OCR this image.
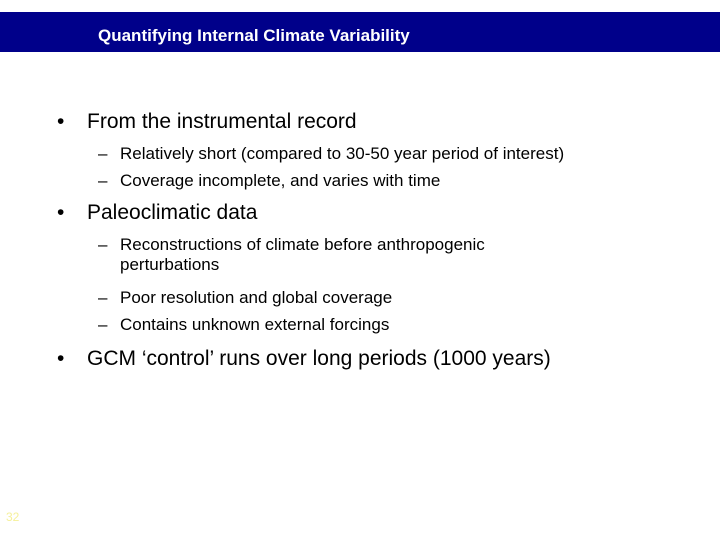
Quantifying Internal Climate Variability
• From the instrumental record
– Relatively short (compared to 30-50 year period of interest)
– Coverage incomplete, and varies with time
• Paleoclimatic data
– Reconstructions of climate before anthropogenic
perturbations
– Poor resolution and global coverage
– Contains unknown external forcings
• GCM ‘control’ runs over long periods (1000 years)
32
